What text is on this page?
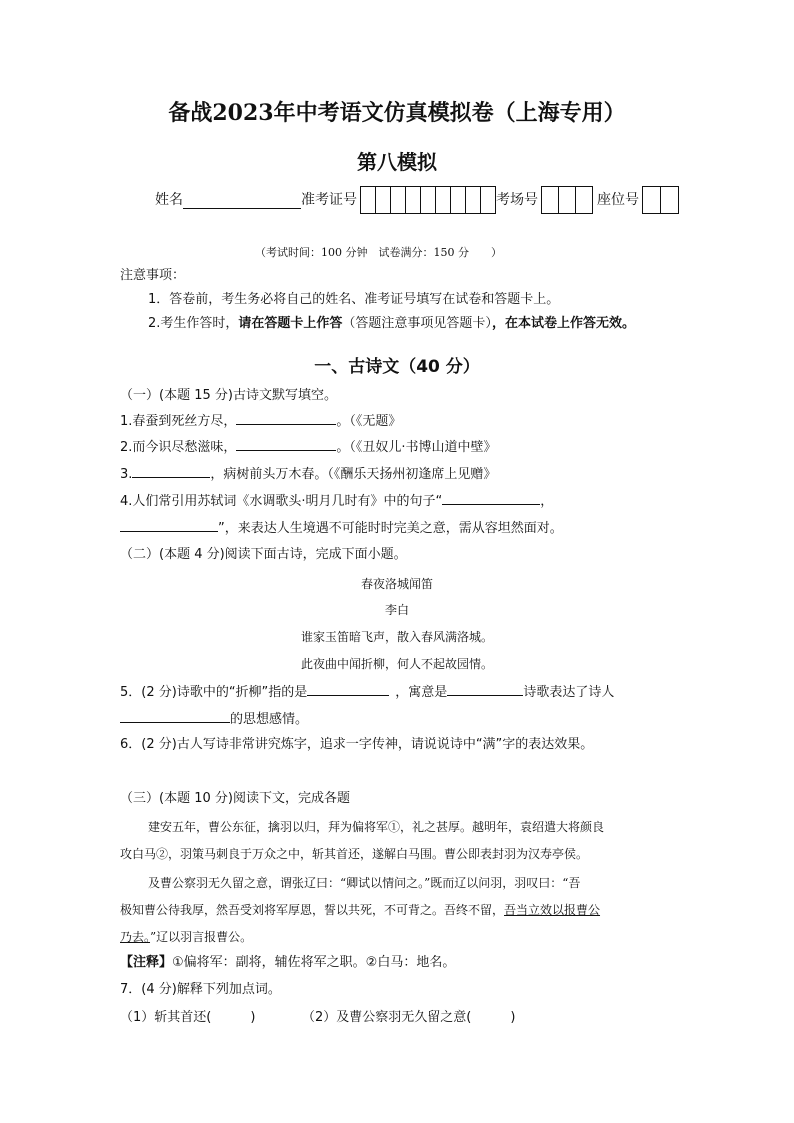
备战2023年中考语文仿真模拟卷（上海专用）
第八模拟
姓名	准考证号	考场号	座位号
（考试时间：100 分钟　试卷满分：150 分　　）
注意事项：
1．答卷前，考生务必将自己的姓名、准考证号填写在试卷和答题卡上。
2.考生作答时，请在答题卡上作答（答题注意事项见答题卡），在本试卷上作答无效。
一、古诗文（40 分）
（一）(本题 15 分)古诗文默写填空。
1.春蚕到死丝方尽，	。（《无题》
2.而今识尽愁滋味，	。（《丑奴儿·书博山道中壁》
3.	，病树前头万木春。（《酬乐天扬州初逢席上见赠》
4.人们常引用苏轼词《水调歌头·明月几时有》中的句子“	，
”，来表达人生境遇不可能时时完美之意，需从容坦然面对。
（二）(本题 4 分)阅读下面古诗，完成下面小题。
春夜洛城闻笛
李白
谁家玉笛暗飞声，散入春风满洛城。
此夜曲中闻折柳，何人不起故园情。
5．(2 分)诗歌中的“折柳”指的是	，寓意是	诗歌表达了诗人
的思想感情。
6．(2 分)古人写诗非常讲究炼字，追求一字传神，请说说诗中“满”字的表达效果。
（三）(本题 10 分)阅读下文，完成各题
建安五年，曹公东征，擒羽以归，拜为偏将军①，礼之甚厚。越明年，袁绍遣大将颜良
攻白马②，羽策马刺良于万众之中，斩其首还，遂解白马围。曹公即表封羽为汉寿亭侯。
及曹公察羽无久留之意，谓张辽曰：“卿试以情问之。”既而辽以问羽，羽叹曰：“吾
极知曹公待我厚，然吾受刘将军厚恩，誓以共死，不可背之。吾终不留，吾当立效以报曹公
乃去。”辽以羽言报曹公。
【注释】①偏将军：副将，辅佐将军之职。②白马：地名。
7．(4 分)解释下列加点词。
（1）斩其首还(　　　)	（2）及曹公察羽无久留之意(　　　)
